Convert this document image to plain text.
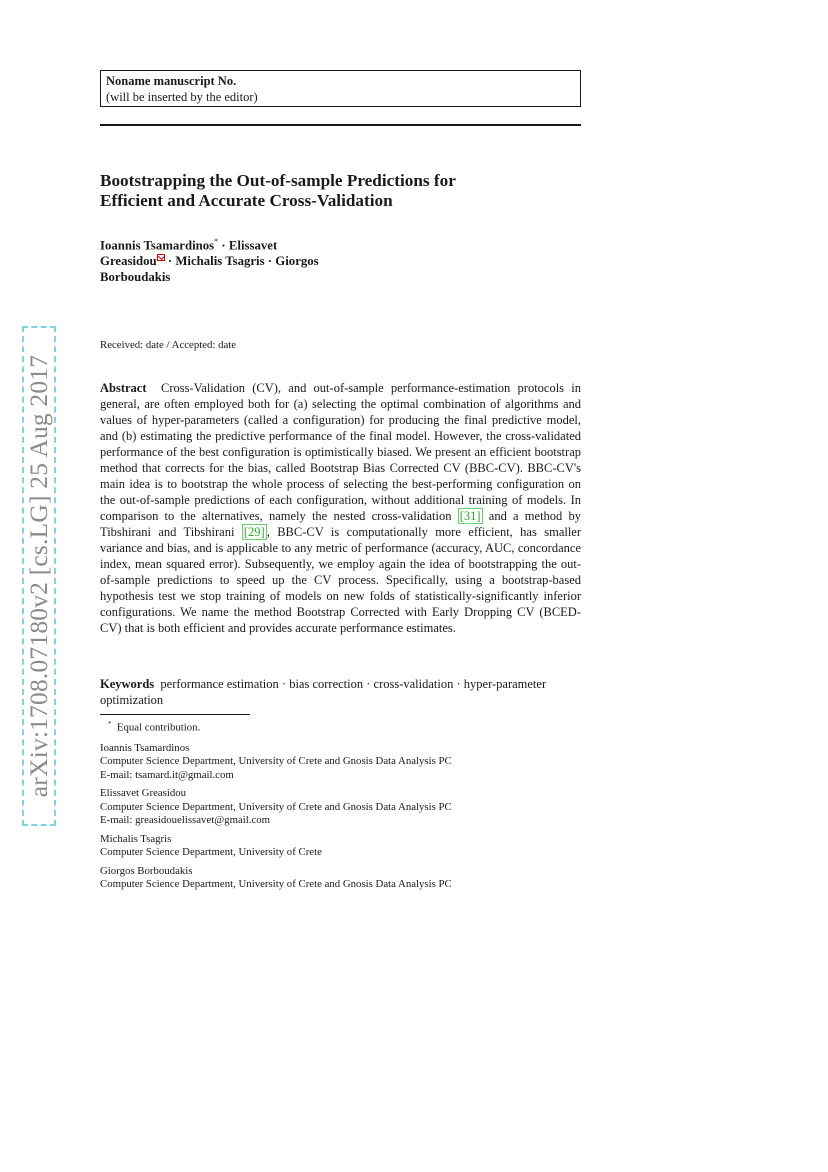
arXiv:1708.07180v2 [cs.LG] 25 Aug 2017
Noname manuscript No.
(will be inserted by the editor)
Bootstrapping the Out-of-sample Predictions for
Efficient and Accurate Cross-Validation
Ioannis Tsamardinos* · Elissavet
Greasidou · Michalis Tsagris · Giorgos
Borboudakis
Received: date / Accepted: date
Abstract Cross-Validation (CV), and out-of-sample performance-estimation protocols in general, are often employed both for (a) selecting the optimal combination of algorithms and values of hyper-parameters (called a configuration) for producing the final predictive model, and (b) estimating the predictive performance of the final model. However, the cross-validated performance of the best configuration is optimistically biased. We present an efficient bootstrap method that corrects for the bias, called Bootstrap Bias Corrected CV (BBC-CV). BBC-CV's main idea is to bootstrap the whole process of selecting the best-performing configuration on the out-of-sample predictions of each configuration, without additional training of models. In comparison to the alternatives, namely the nested cross-validation [31] and a method by Tibshirani and Tibshirani [29] , BBC-CV is computationally more efficient, has smaller variance and bias, and is applicable to any metric of performance (accuracy, AUC, concordance index, mean squared error). Subsequently, we employ again the idea of bootstrapping the out-of-sample predictions to speed up the CV process. Specifically, using a bootstrap-based hypothesis test we stop training of models on new folds of statistically-significantly inferior configurations. We name the method Bootstrap Corrected with Early Dropping CV (BCED-CV) that is both efficient and provides accurate performance estimates.
Keywords performance estimation · bias correction · cross-validation · hyper-parameter optimization
* Equal contribution.
Ioannis Tsamardinos
Computer Science Department, University of Crete and Gnosis Data Analysis PC
E-mail: tsamard.it@gmail.com
Elissavet Greasidou
Computer Science Department, University of Crete and Gnosis Data Analysis PC
E-mail: greasidouelissavet@gmail.com
Michalis Tsagris
Computer Science Department, University of Crete
Giorgos Borboudakis
Computer Science Department, University of Crete and Gnosis Data Analysis PC
